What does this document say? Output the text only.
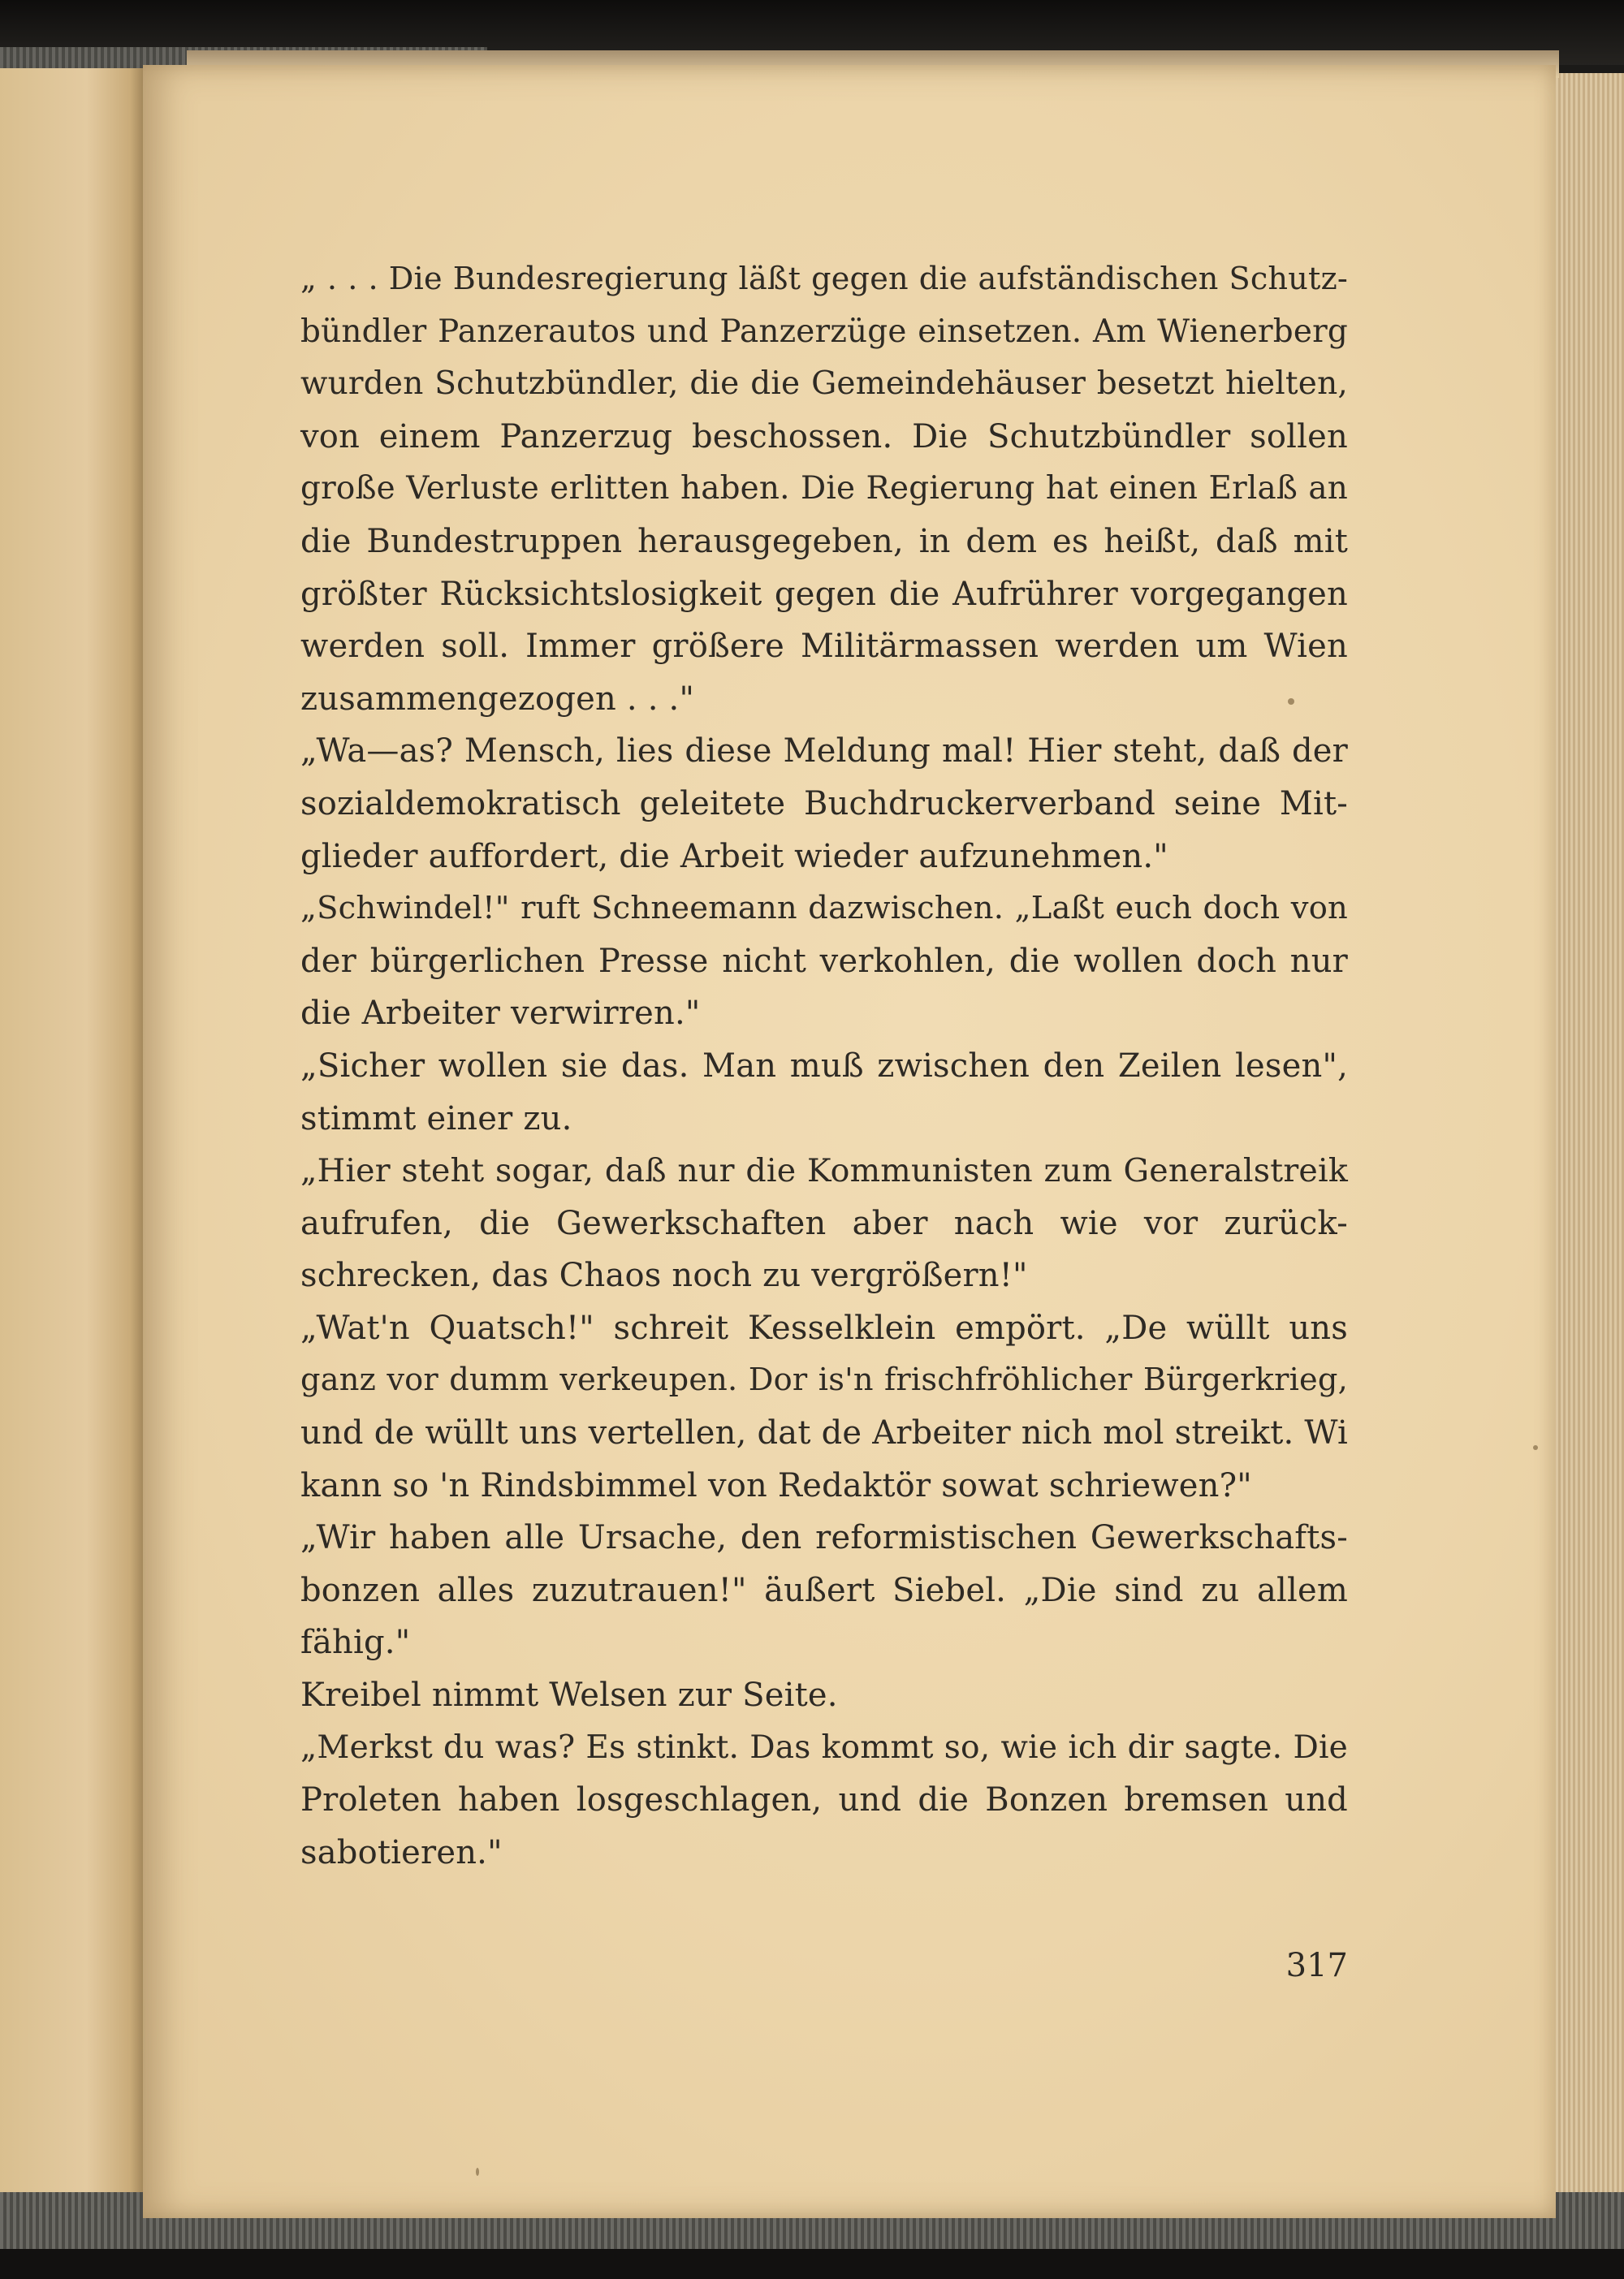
„ . . . Die Bundesregierung läßt gegen die aufständischen Schutz-
bündler Panzerautos und Panzerzüge einsetzen. Am Wienerberg
wurden Schutzbündler, die die Gemeindehäuser besetzt hielten,
von einem Panzerzug beschossen. Die Schutzbündler sollen
große Verluste erlitten haben. Die Regierung hat einen Erlaß an
die Bundestruppen herausgegeben, in dem es heißt, daß mit
größter Rücksichtslosigkeit gegen die Aufrührer vorgegangen
werden soll. Immer größere Militärmassen werden um Wien
zusammengezogen . . ."
„Wa—as? Mensch, lies diese Meldung mal! Hier steht, daß der
sozialdemokratisch geleitete Buchdruckerverband seine Mit-
glieder auffordert, die Arbeit wieder aufzunehmen."
„Schwindel!" ruft Schneemann dazwischen. „Laßt euch doch von
der bürgerlichen Presse nicht verkohlen, die wollen doch nur
die Arbeiter verwirren."
„Sicher wollen sie das. Man muß zwischen den Zeilen lesen",
stimmt einer zu.
„Hier steht sogar, daß nur die Kommunisten zum Generalstreik
aufrufen, die Gewerkschaften aber nach wie vor zurück-
schrecken, das Chaos noch zu vergrößern!"
„Wat'n Quatsch!" schreit Kesselklein empört. „De wüllt uns
ganz vor dumm verkeupen. Dor is'n frischfröhlicher Bürgerkrieg,
und de wüllt uns vertellen, dat de Arbeiter nich mol streikt. Wi
kann so 'n Rindsbimmel von Redaktör sowat schriewen?"
„Wir haben alle Ursache, den reformistischen Gewerkschafts-
bonzen alles zuzutrauen!" äußert Siebel. „Die sind zu allem
fähig."
Kreibel nimmt Welsen zur Seite.
„Merkst du was? Es stinkt. Das kommt so, wie ich dir sagte. Die
Proleten haben losgeschlagen, und die Bonzen bremsen und
sabotieren."
317
